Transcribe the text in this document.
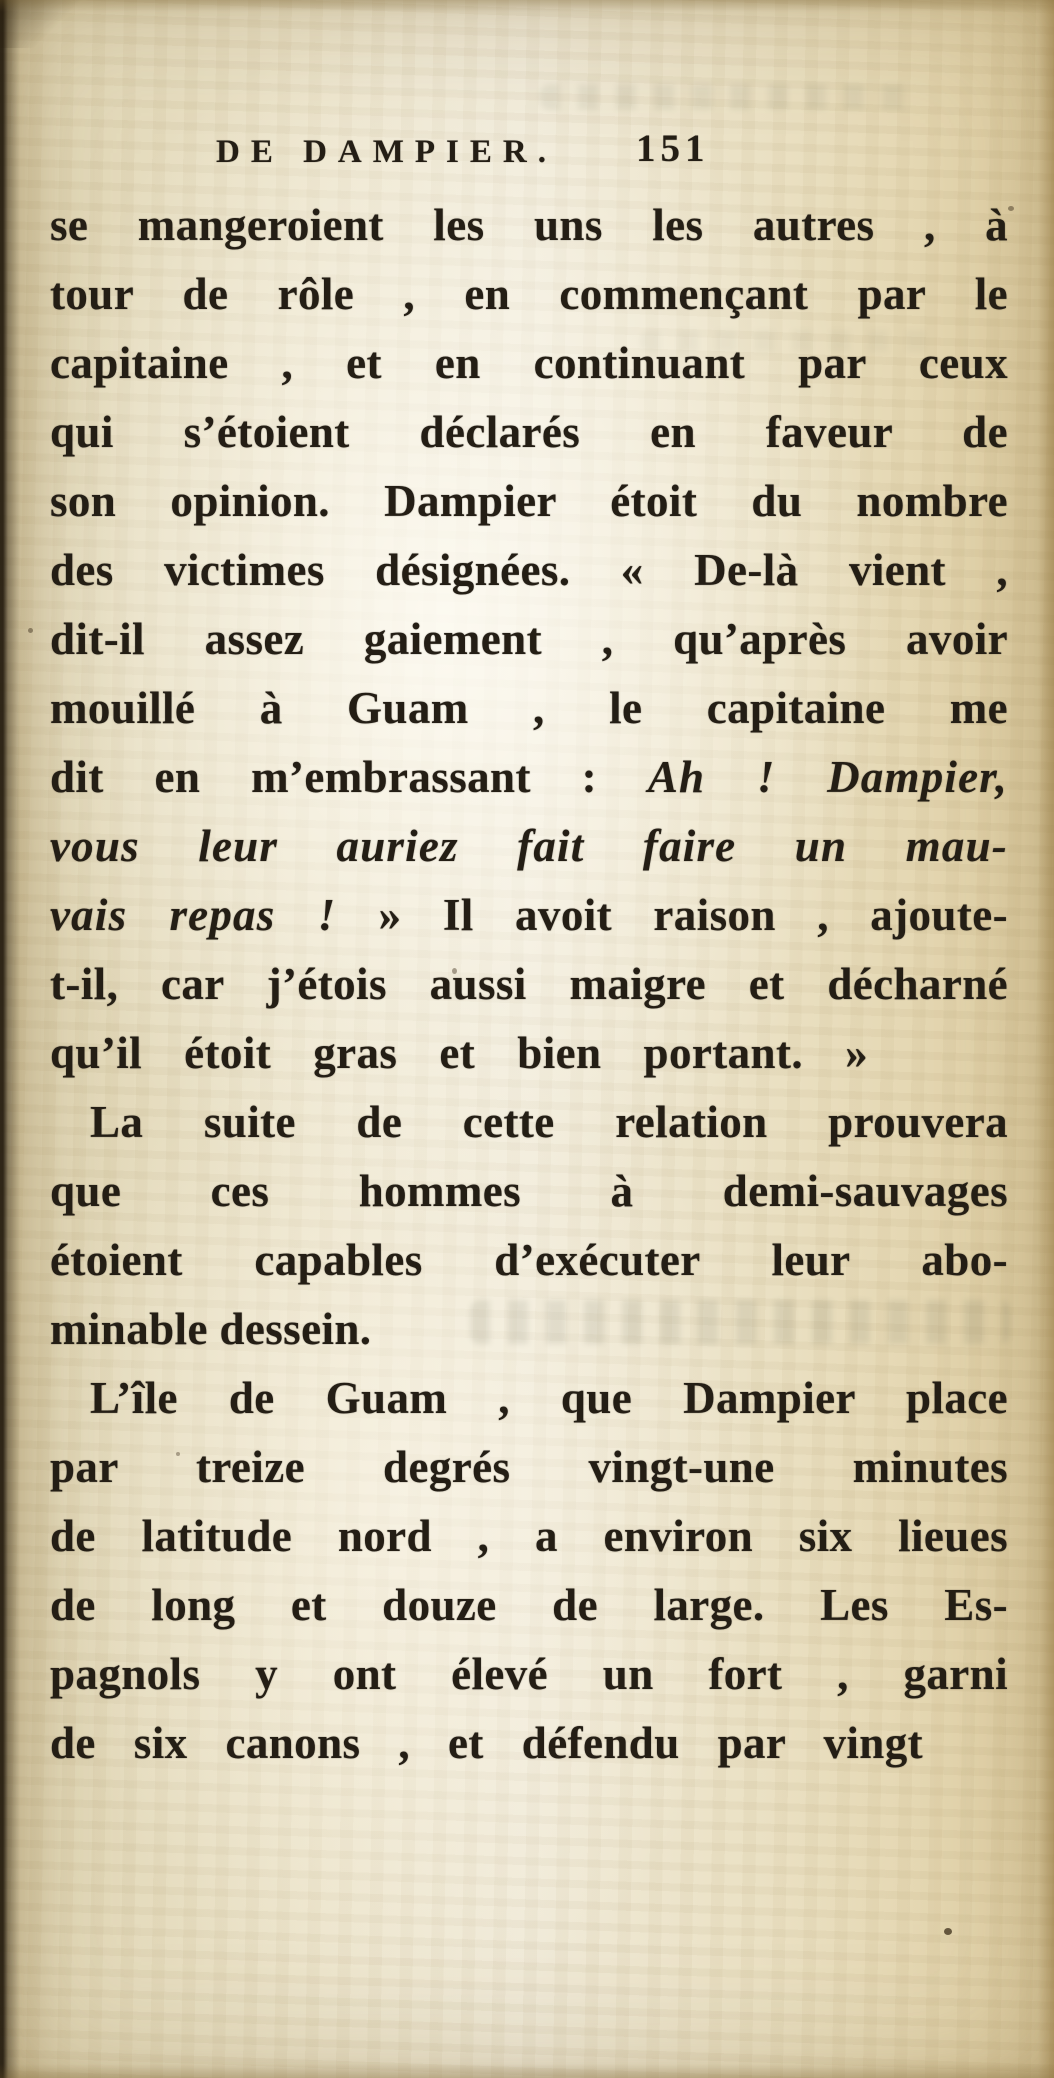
DE DAMPIER. 151
se mangeroient les uns les autres , à
tour de rôle , en commençant par le
capitaine , et en continuant par ceux
qui s’étoient déclarés en faveur de
son opinion. Dampier étoit du nombre
des victimes désignées. « De-là vient ,
dit-il assez gaiement , qu’après avoir
mouillé à Guam , le capitaine me
dit en m’embrassant : Ah ! Dampier,
vous leur auriez fait faire un mau-
vais repas ! » Il avoit raison , ajoute-
t-il, car j’étois aussi maigre et décharné
qu’il étoit gras et bien portant. »
La suite de cette relation prouvera
que ces hommes à demi-sauvages
étoient capables d’exécuter leur abo-
minable dessein.
L’île de Guam , que Dampier place
par treize degrés vingt-une minutes
de latitude nord , a environ six lieues
de long et douze de large. Les Es-
pagnols y ont élevé un fort , garni
de six canons , et défendu par vingt
